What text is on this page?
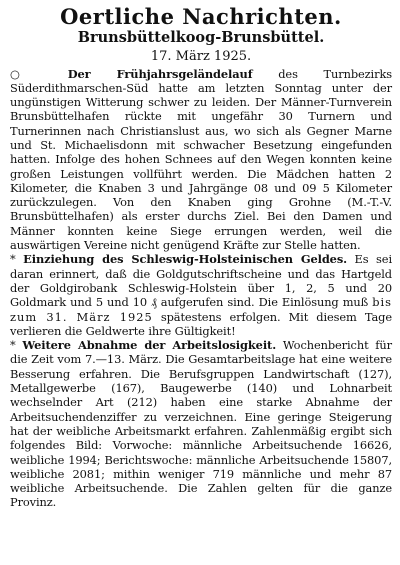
Oertliche Nachrichten.
Brunsbüttelkoog-Brunsbüttel.
17. März 1925.

○ Der Frühjahrsgeländelauf des Turnbezirks Süderdithmarschen-Süd hatte am letzten Sonntag unter der ungünstigen Witterung schwer zu leiden. Der Männer-Turnverein Brunsbüttelhafen rückte mit ungefähr 30 Turnern und Turnerinnen nach Christianslust aus, wo sich als Gegner Marne und St. Michaelisdonn mit schwacher Besetzung eingefunden hatten. Infolge des hohen Schnees auf den Wegen konnten keine großen Leistungen vollführt werden. Die Mädchen hatten 2 Kilometer, die Knaben 3 und Jahrgänge 08 und 09 5 Kilometer zurückzulegen. Von den Knaben ging Grohne (M.-T.-V. Brunsbüttelhafen) als erster durchs Ziel. Bei den Damen und Männer konnten keine Siege errungen werden, weil die auswärtigen Vereine nicht genügend Kräfte zur Stelle hatten.

* Einziehung des Schleswig-Holsteinischen Geldes. Es sei daran erinnert, daß die Goldgutschriftscheine und das Hartgeld der Goldgirobank Schleswig-Holstein über 1, 2, 5 und 20 Goldmark und 5 und 10 ₰ aufgerufen sind. Die Einlösung muß bis zum 31. März 1925 spätestens erfolgen. Mit diesem Tage verlieren die Geldwerte ihre Gültigkeit!

* Weitere Abnahme der Arbeitslosigkeit. Wochenbericht für die Zeit vom 7.—13. März. Die Gesamtarbeitslage hat eine weitere Besserung erfahren. Die Berufsgruppen Landwirtschaft (127), Metallgewerbe (167), Baugewerbe (140) und Lohnarbeit wechselnder Art (212) haben eine starke Abnahme der Arbeitsuchendenziffer zu verzeichnen. Eine geringe Steigerung hat der weibliche Arbeitsmarkt erfahren. Zahlenmäßig ergibt sich folgendes Bild: Vorwoche: männliche Arbeitsuchende 16626, weibliche 1994; Berichtswoche: männliche Arbeitsuchende 15807, weibliche 2081; mithin weniger 719 männliche und mehr 87 weibliche Arbeitsuchende. Die Zahlen gelten für die ganze Provinz.
